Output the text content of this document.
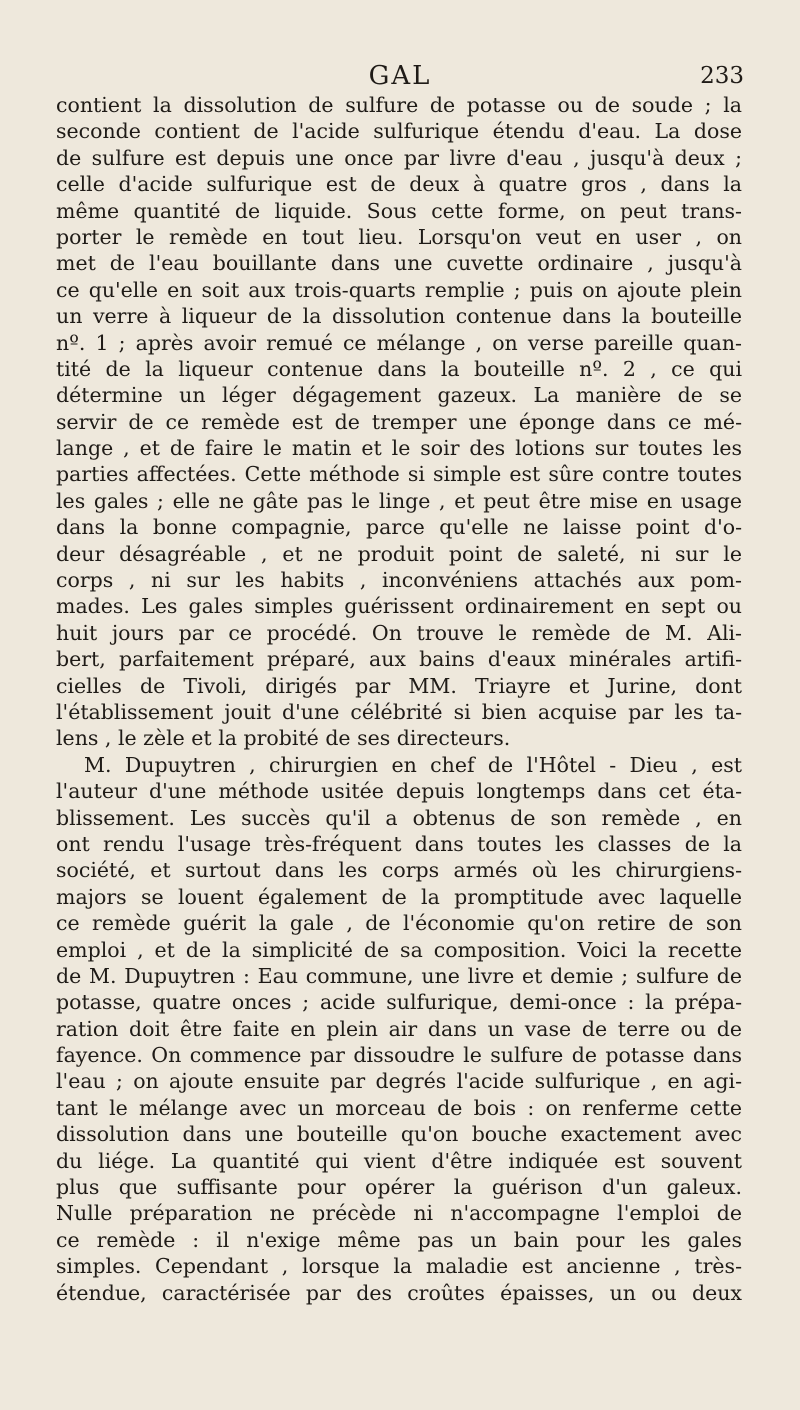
GAL	233
contient la dissolution de sulfure de potasse ou de soude ; la
seconde contient de l'acide sulfurique étendu d'eau. La dose
de sulfure est depuis une once par livre d'eau , jusqu'à deux ;
celle d'acide sulfurique est de deux à quatre gros , dans la
même quantité de liquide. Sous cette forme, on peut trans-
porter le remède en tout lieu. Lorsqu'on veut en user , on
met de l'eau bouillante dans une cuvette ordinaire , jusqu'à
ce qu'elle en soit aux trois-quarts remplie ; puis on ajoute plein
un verre à liqueur de la dissolution contenue dans la bouteille
nº. 1 ; après avoir remué ce mélange , on verse pareille quan-
tité de la liqueur contenue dans la bouteille nº. 2 , ce qui
détermine un léger dégagement gazeux. La manière de se
servir de ce remède est de tremper une éponge dans ce mé-
lange , et de faire le matin et le soir des lotions sur toutes les
parties affectées. Cette méthode si simple est sûre contre toutes
les gales ; elle ne gâte pas le linge , et peut être mise en usage
dans la bonne compagnie, parce qu'elle ne laisse point d'o-
deur désagréable , et ne produit point de saleté, ni sur le
corps , ni sur les habits , inconvéniens attachés aux pom-
mades. Les gales simples guérissent ordinairement en sept ou
huit jours par ce procédé. On trouve le remède de M. Ali-
bert, parfaitement préparé, aux bains d'eaux minérales artifi-
cielles de Tivoli, dirigés par MM. Triayre et Jurine, dont
l'établissement jouit d'une célébrité si bien acquise par les ta-
lens , le zèle et la probité de ses directeurs.
M. Dupuytren , chirurgien en chef de l'Hôtel - Dieu , est
l'auteur d'une méthode usitée depuis longtemps dans cet éta-
blissement. Les succès qu'il a obtenus de son remède , en
ont rendu l'usage très-fréquent dans toutes les classes de la
société, et surtout dans les corps armés où les chirurgiens-
majors se louent également de la promptitude avec laquelle
ce remède guérit la gale , de l'économie qu'on retire de son
emploi , et de la simplicité de sa composition. Voici la recette
de M. Dupuytren : Eau commune, une livre et demie ; sulfure de
potasse, quatre onces ; acide sulfurique, demi-once : la prépa-
ration doit être faite en plein air dans un vase de terre ou de
fayence. On commence par dissoudre le sulfure de potasse dans
l'eau ; on ajoute ensuite par degrés l'acide sulfurique , en agi-
tant le mélange avec un morceau de bois : on renferme cette
dissolution dans une bouteille qu'on bouche exactement avec
du liége. La quantité qui vient d'être indiquée est souvent
plus que suffisante pour opérer la guérison d'un galeux.
Nulle préparation ne précède ni n'accompagne l'emploi de
ce remède : il n'exige même pas un bain pour les gales
simples. Cependant , lorsque la maladie est ancienne , très-
étendue, caractérisée par des croûtes épaisses, un ou deux
